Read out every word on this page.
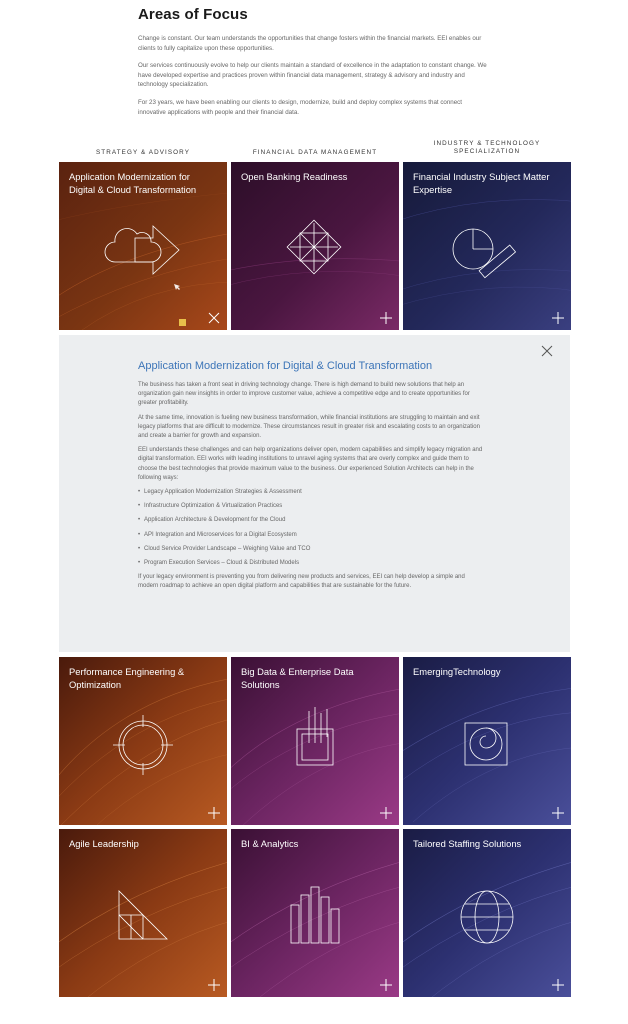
Areas of Focus

Change is constant. Our team understands the opportunities that change fosters within the financial markets. EEI enables our clients to fully capitalize upon these opportunities.

Our services continuously evolve to help our clients maintain a standard of excellence in the adaptation to constant change. We have developed expertise and practices proven within financial data management, strategy & advisory and industry and technology specialization.

For 23 years, we have been enabling our clients to design, modernize, build and deploy complex systems that connect innovative applications with people and their financial data.

STRATEGY & ADVISORY	FINANCIAL DATA MANAGEMENT
INDUSTRY & TECHNOLOGY SPECIALIZATION
Application Modernization for Digital & Cloud Transformation
Open Banking Readiness	Financial Industry Subject Matter Expertise
Application Modernization for Digital & Cloud Transformation

The business has taken a front seat in driving technology change. There is high demand to build new solutions that help an organization gain new insights in order to improve customer value, achieve a competitive edge and to create opportunities for greater profitability.

At the same time, innovation is fueling new business transformation, while financial institutions are struggling to maintain and exit legacy platforms that are difficult to modernize. These circumstances result in greater risk and escalating costs to an organization and create a barrier for growth and expansion.

EEI understands these challenges and can help organizations deliver open, modern capabilities and simplify legacy migration and digital transformation. EEI works with leading institutions to unravel aging systems that are overly complex and guide them to choose the best technologies that provide maximum value to the business. Our experienced Solution Architects can help in the following ways:

• Legacy Application Modernization Strategies & Assessment
• Infrastructure Optimization & Virtualization Practices
• Application Architecture & Development for the Cloud
• API Integration and Microservices for a Digital Ecosystem
• Cloud Service Provider Landscape – Weighing Value and TCO
• Program Execution Services – Cloud & Distributed Models

If your legacy environment is preventing you from delivering new products and services, EEI can help develop a simple and modern roadmap to achieve an open digital platform and capabilities that are sustainable for the future.

Performance Engineering & Optimization
Big Data & Enterprise Data Solutions
EmergingTechnology
Agile Leadership	BI & Analytics	Tailored Staffing Solutions
